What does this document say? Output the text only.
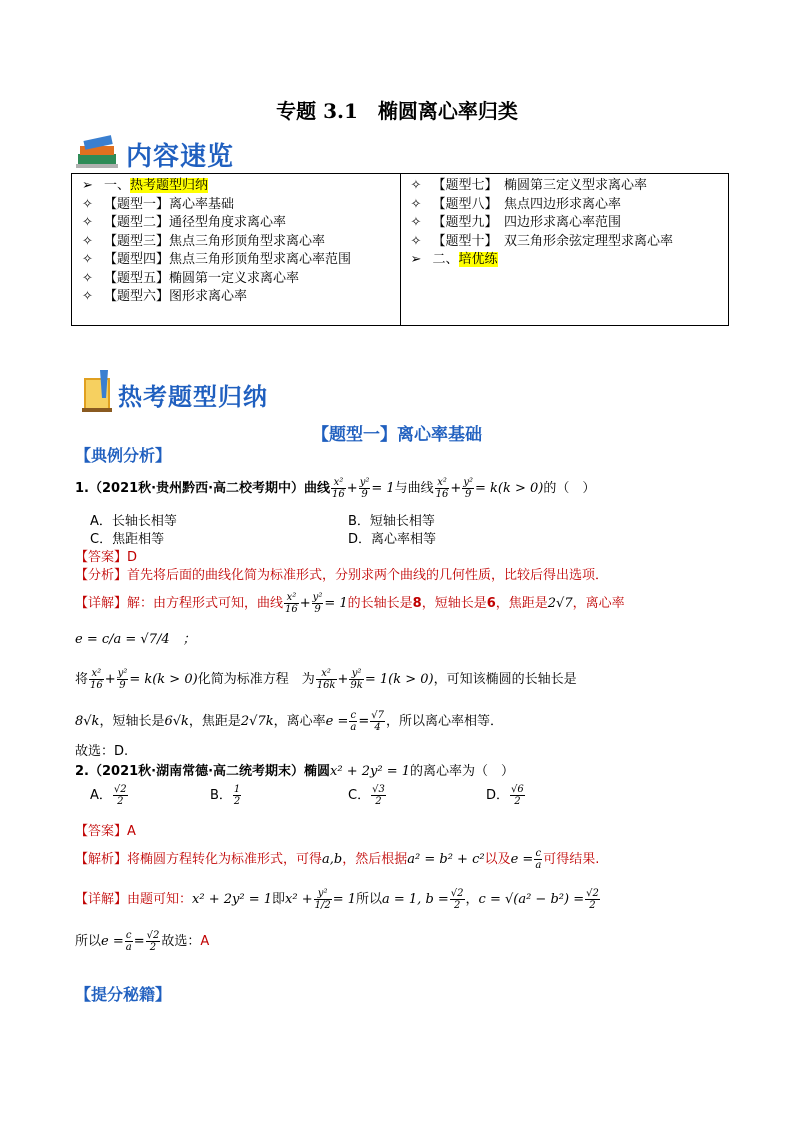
专题 3.1　椭圆离心率归类
内容速览
➢ 一、热考题型归纳
✧ 【题型一】离心率基础
✧ 【题型二】通径型角度求离心率
✧ 【题型三】焦点三角形顶角型求离心率
✧ 【题型四】焦点三角形顶角型求离心率范围
✧ 【题型五】椭圆第一定义求离心率
✧ 【题型六】图形求离心率

✧ 【题型七】　椭圆第三定义型求离心率
✧ 【题型八】　焦点四边形求离心率
✧ 【题型九】　四边形求离心率范围
✧ 【题型十】　双三角形余弦定理型求离心率
➢ 二、培优练
热考题型归纳
【题型一】离心率基础
【典例分析】
1.（2021秋·贵州黔西·高二校考期中）曲线 $\frac{\text{x²}}{16} + \frac{\text{y²}}{9} = 1$与曲线 $\frac{\text{x²}}{16} + \frac{\text{y²}}{9} = k(k > 0)$的（　）
A．长轴长相等	B．短轴长相等
C．焦距相等	D．离心率相等
【答案】D
【分析】首先将后面的曲线化简为标准形式，分别求两个曲线的几何性质，比较后得出选项．
【详解】解：由方程形式可知，曲线 $\frac{\text{x²}}{16} + \frac{\text{y²}}{9} = 1$的长轴长是8，短轴长是6，焦距是2√7，离心率
e = c/a = √7/4　；
将 $\frac{\text{x²}}{16} + \frac{\text{y²}}{9} = k(k > 0)$化简为标准方程　为 $\frac{\text{x²}}{16k} + \frac{\text{y²}}{9k} = 1(k > 0)$，可知该椭圆的长轴长是
8√k，短轴长是6√k，焦距是2√7k，离心率$e = \frac{c}{a} = \frac{√7}{4}$ ，所以离心率相等．
故选：D.
2.（2021秋·湖南常德·高二统考期末）椭圆x² + 2y² = 1的离心率为（　）
A． $\frac{√2}{2}$	B． $\frac{1}{2}$	C． $\frac{√3}{2}$	D． $\frac{√6}{2}$
【答案】A
【解析】将椭圆方程转化为标准形式，可得a,b，然后根据a² = b² + c²以及$e = \frac{c}{a}$ 可得结果.
【详解】由题可知：x² + 2y² = 1即$x^2 + \frac{\text{y²}}{1/2} = 1$所以a = 1, $b = \frac{√2}{2}$ ，$c = √(a^2 - b^2) = \frac{√2}{2}$
所以$e = \frac{c}{a} = \frac{√2}{2}$ 故选：A
【提分秘籍】
